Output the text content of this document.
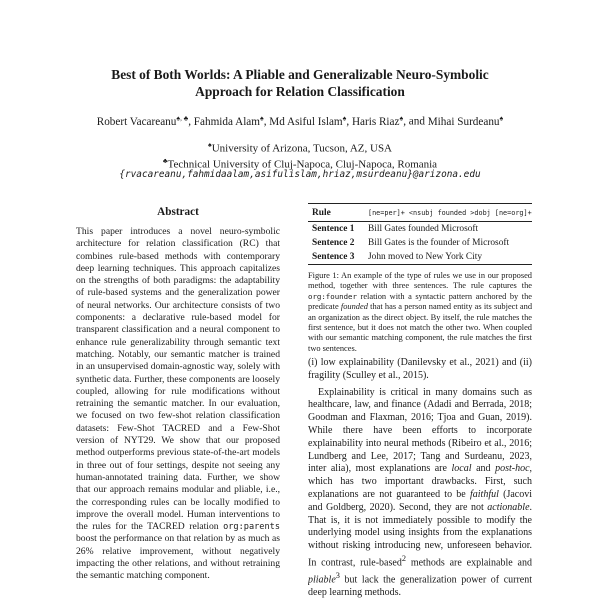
Best of Both Worlds: A Pliable and Generalizable Neuro-Symbolic
Approach for Relation Classification
Robert Vacareanu♠, ♣, Fahmida Alam♠, Md Asiful Islam♠, Haris Riaz♠, and Mihai Surdeanu♠
♠University of Arizona, Tucson, AZ, USA
♣Technical University of Cluj-Napoca, Cluj-Napoca, Romania
{rvacareanu,fahmidaalam,asifulislam,hriaz,msurdeanu}@arizona.edu
Abstract
This paper introduces a novel neuro-symbolic architecture for relation classification (RC) that combines rule-based methods with contemporary deep learning techniques. This approach capitalizes on the strengths of both paradigms: the adaptability of rule-based systems and the generalization power of neural networks. Our architecture consists of two components: a declarative rule-based model for transparent classification and a neural component to enhance rule generalizability through semantic text matching. Notably, our semantic matcher is trained in an unsupervised domain-agnostic way, solely with synthetic data. Further, these components are loosely coupled, allowing for rule modifications without retraining the semantic matcher. In our evaluation, we focused on two few-shot relation classification datasets: Few-Shot TACRED and a Few-Shot version of NYT29. We show that our proposed method outperforms previous state-of-the-art models in three out of four settings, despite not seeing any human-annotated training data. Further, we show that our approach remains modular and pliable, i.e., the corresponding rules can be locally modified to improve the overall model. Human interventions to the rules for the TACRED relation org:parents boost the performance on that relation by as much as 26% relative improvement, without negatively impacting the other relations, and without retraining the semantic matching component.
Rule	[ne=per]+ <nsubj founded >dobj [ne=org]+
Sentence 1	Bill Gates founded Microsoft
Sentence 2	Bill Gates is the founder of Microsoft
Sentence 3	John moved to New York City
Figure 1: An example of the type of rules we use in our proposed method, together with three sentences. The rule captures the org:founder relation with a syntactic pattern anchored by the predicate founded that has a person named entity as its subject and an organization as the direct object. By itself, the rule matches the first sentence, but it does not match the other two. When coupled with our semantic matching component, the rule matches the first two sentences.

(i) low explainability (Danilevsky et al., 2021) and (ii) fragility (Sculley et al., 2015).

Explainability is critical in many domains such as healthcare, law, and finance (Adadi and Berrada, 2018; Goodman and Flaxman, 2016; Tjoa and Guan, 2019). While there have been efforts to incorporate explainability into neural methods (Ribeiro et al., 2016; Lundberg and Lee, 2017; Tang and Surdeanu, 2023, inter alia), most explanations are local and post-hoc, which has two important drawbacks. First, such explanations are not guaranteed to be faithful (Jacovi and Goldberg, 2020). Second, they are not actionable. That is, it is not immediately possible to modify the underlying model using insights from the explanations without risking introducing new, unforeseen behavior. In contrast, rule-based$^2$ methods are explainable and pliable$^3$ but lack the generalization power of current deep learning methods.
